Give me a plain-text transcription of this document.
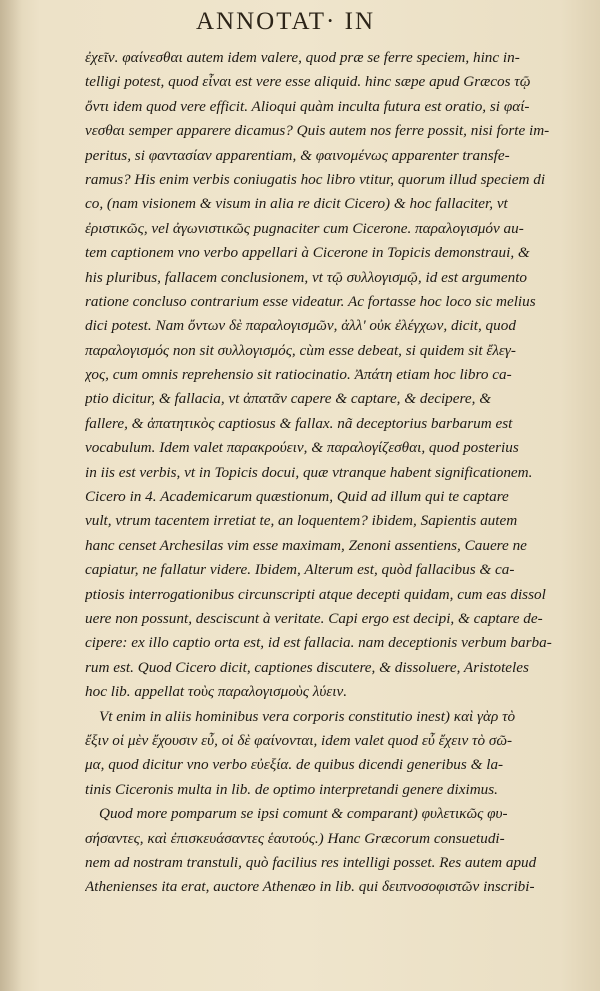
ANNOTAT· IN
ἐχεῖν. φαίνεσθαι autem idem valere, quod præ se ferre speciem, hinc in-
telligi potest, quod εἶναι est vere esse aliquid. hinc sæpe apud Græcos τῷ
ὄντι idem quod vere efficit. Alioqui quàm inculta futura est oratio, si φαί-
νεσθαι semper apparere dicamus? Quis autem nos ferre possit, nisi forte im-
peritus, si φαντασίαν apparentiam, & φαινομένως apparenter transfe-
ramus? His enim verbis coniugatis hoc libro vtitur, quorum illud speciem di
co, (nam visionem & visum in alia re dicit Cicero) & hoc fallaciter, vt
ἐριστικῶς, vel ἀγωνιστικῶς pugnaciter cum Cicerone. παραλογισμόν au-
tem captionem vno verbo appellari à Cicerone in Topicis demonstraui, &
his pluribus, fallacem conclusionem, vt τῷ συλλογισμῷ, id est argumento
ratione concluso contrarium esse videatur. Ac fortasse hoc loco sic melius
dici potest. Nam ὄντων δὲ παραλογισμῶν, ἀλλ' οὐκ ἐλέγχων, dicit, quod
παραλογισμός non sit συλλογισμός, cùm esse debeat, si quidem sit ἔλεγ-
χος, cum omnis reprehensio sit ratiocinatio. Ἀπάτη etiam hoc libro ca-
ptio dicitur, & fallacia, vt ἀπατᾶν capere & captare, & decipere, &
fallere, & ἀπατητικὸς captiosus & fallax. nã deceptorius barbarum est
vocabulum. Idem valet παρακρούειν, & παραλογίζεσθαι, quod posterius
in iis est verbis, vt in Topicis docui, quæ vtranque habent significationem.
Cicero in 4. Academicarum quæstionum, Quid ad illum qui te captare
vult, vtrum tacentem irretiat te, an loquentem? ibidem, Sapientis autem
hanc censet Archesilas vim esse maximam, Zenoni assentiens, Cauere ne
capiatur, ne fallatur videre. Ibidem, Alterum est, quòd fallacibus & ca-
ptiosis interrogationibus circunscripti atque decepti quidam, cum eas dissol
uere non possunt, desciscunt à veritate. Capi ergo est decipi, & captare de-
cipere: ex illo captio orta est, id est fallacia. nam deceptionis verbum barba-
rum est. Quod Cicero dicit, captiones discutere, & dissoluere, Aristoteles
hoc lib. appellat τοὺς παραλογισμοὺς λύειν.
Vt enim in aliis hominibus vera corporis constitutio inest) καὶ γὰρ τὸ
ἔξιν οἱ μὲν ἔχουσιν εὖ, οἱ δὲ φαίνονται, idem valet quod εὖ ἔχειν τὸ σῶ-
μα, quod dicitur vno verbo εὐεξία. de quibus dicendi generibus & la-
tinis Ciceronis multa in lib. de optimo interpretandi genere diximus.
Quod more pomparum se ipsi comunt & comparant) φυλετικῶς φυ-
σήσαντες, καὶ ἐπισκευάσαντες ἑαυτούς.) Hanc Græcorum consuetudi-
nem ad nostram transtuli, quò facilius res intelligi posset. Res autem apud
Athenienses ita erat, auctore Athenæo in lib. qui δειπνοσοφιστῶν inscribi-
